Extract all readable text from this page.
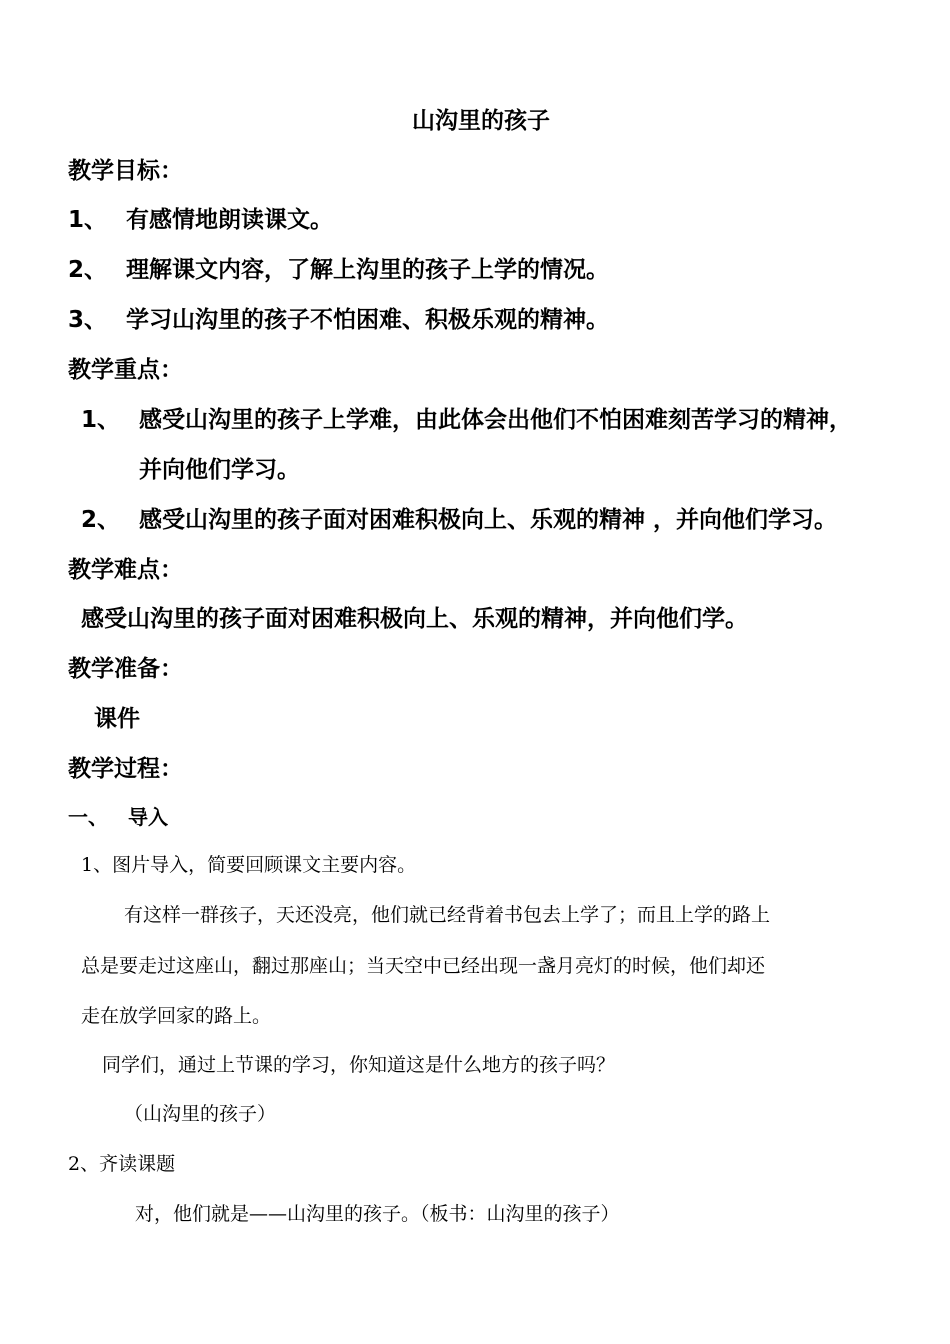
山沟里的孩子
教学目标：
1、 有感情地朗读课文。
2、 理解课文内容，了解上沟里的孩子上学的情况。
3、 学习山沟里的孩子不怕困难、积极乐观的精神。
教学重点：
1、 感受山沟里的孩子上学难，由此体会出他们不怕困难刻苦学习的精神，
并向他们学习。
2、 感受山沟里的孩子面对困难积极向上、乐观的精神 ，并向他们学习。
教学难点：
感受山沟里的孩子面对困难积极向上、乐观的精神，并向他们学。
教学准备：
课件
教学过程：
一、 导入
1、图片导入，简要回顾课文主要内容。
有这样一群孩子，天还没亮，他们就已经背着书包去上学了；而且上学的路上
总是要走过这座山，翻过那座山；当天空中已经出现一盏月亮灯的时候，他们却还
走在放学回家的路上。
同学们，通过上节课的学习，你知道这是什么地方的孩子吗？
（山沟里的孩子）
2、齐读课题
对，他们就是——山沟里的孩子。（板书：山沟里的孩子）
